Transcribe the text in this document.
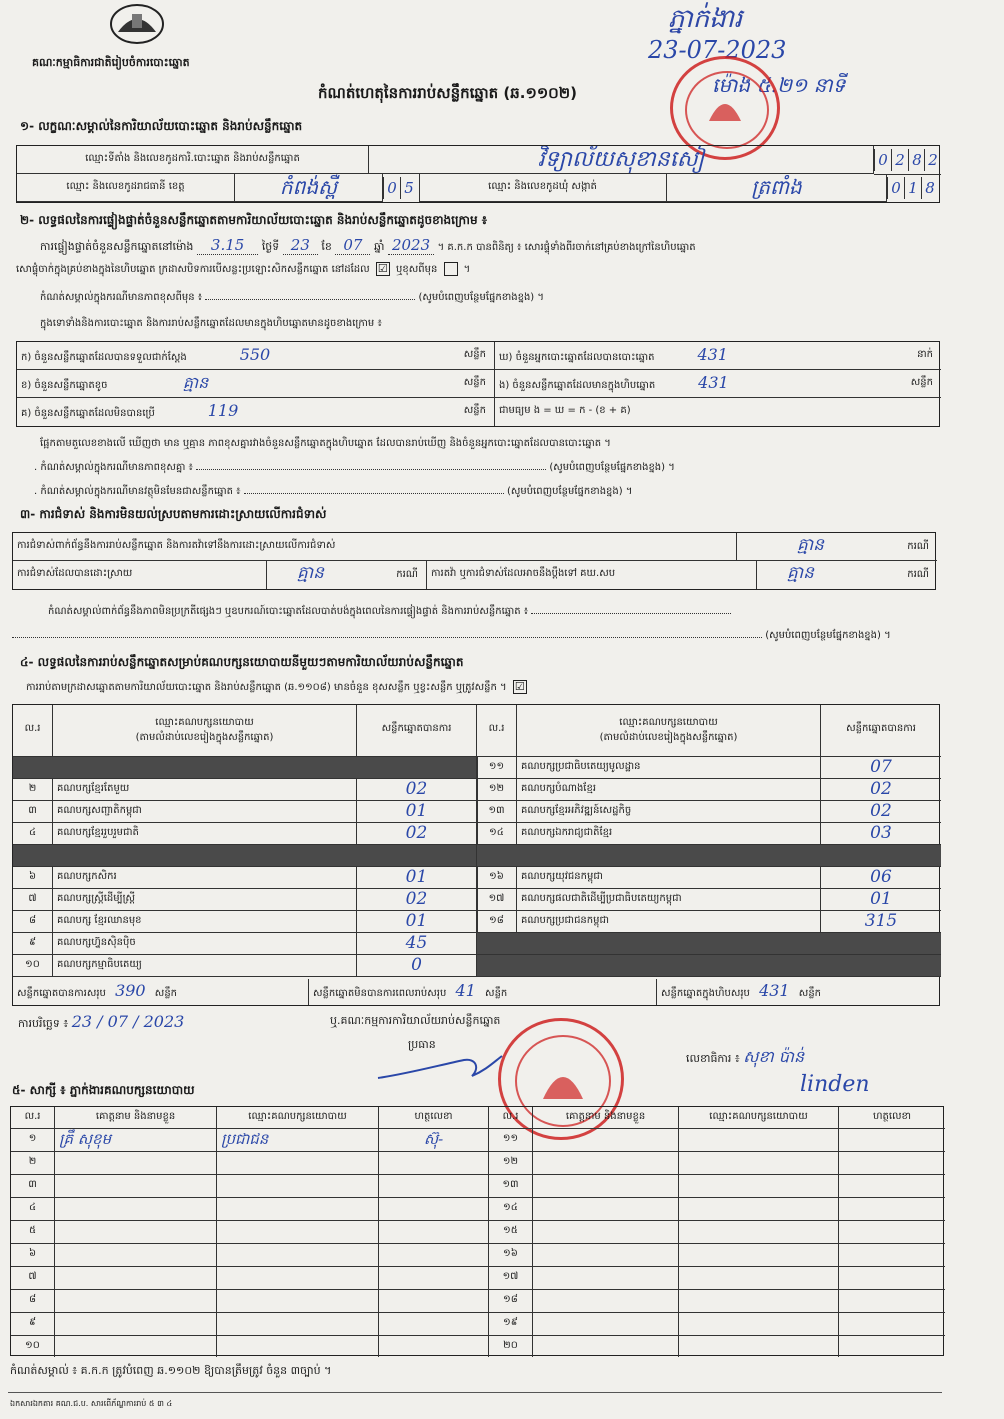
គណៈកម្មាធិការជាតិរៀបចំការបោះឆ្នោត
កំណត់ហេតុនៃការរាប់សន្លឹកឆ្នោត (ឆ.១១០២)
ភ្នាក់ងារ
23-07-2023
ម៉ោង ៥.២១ នាទី
១- លក្ខណៈសម្គាល់នៃការិយាល័យបោះឆ្នោត និងរាប់សន្លឹកឆ្នោត
ឈ្មោះទីតាំង និងលេខកូដការិ.បោះឆ្នោត និងរាប់សន្លឹកឆ្នោត	វិទ្យាល័យសុខានសៀ	0 2 8 2
ឈ្មោះ និងលេខកូដរាជធានី ខេត្ត	កំពង់ស្ពឺ	0 5	ឈ្មោះ និងលេខកូដឃុំ សង្កាត់	ត្រពាំង	0 1 8
២- លទ្ធផលនៃការផ្ទៀងផ្ទាត់ចំនួនសន្លឹកឆ្នោតតាមការិយាល័យបោះឆ្នោត និងរាប់សន្លឹកឆ្នោតដូចខាងក្រោម ៖
ការផ្ទៀងផ្ទាត់ចំនួនសន្លឹកឆ្នោតនៅម៉ោង 3.15 ថ្ងៃទី 23 ខែ 07 ឆ្នាំ 2023 ។ គ.ក.ក បានពិនិត្យ ៖ សោរផ្ទុំទាំងពីរចាក់នៅគ្រប់ខាងក្រៅនៃហិបឆ្នោត
សោផ្ទុំចាក់ក្នុងគ្រប់ខាងក្នុងនៃហិបឆ្នោត ក្រដាសបិទការបើសន្លះប្រឡោះសិកសន្លឹកឆ្នោត នៅដដែល ☑ ឬខុសពីមុន  ។
កំណត់សម្គាល់ក្នុងករណីមានភាពខុសពីមុន ៖	(សូមបំពេញបន្ថែមផ្នែកខាងខ្នង) ។
ក្នុងទោទាំងនិងការបោះឆ្នោត និងការរាប់សន្លឹកឆ្នោតដែលមានក្នុងហិបឆ្នោតមានដូចខាងក្រោម ៖
ក) ចំនួនសន្លឹកឆ្នោតដែលបានទទួលជាក់ស្តែង	550	សន្លឹក	ឃ) ចំនួនអ្នកបោះឆ្នោតដែលបានបោះឆ្នោត	431	នាក់
ខ) ចំនួនសន្លឹកឆ្នោតខូច	គ្មាន	សន្លឹក	ង) ចំនួនសន្លឹកឆ្នោតដែលមានក្នុងហិបឆ្នោត	431	សន្លឹក
គ) ចំនួនសន្លឹកឆ្នោតដែលមិនបានប្រើ	119	សន្លឹក	ជាមធ្យម ង = ឃ = ក - (ខ + គ)
ផ្អែកតាមតួលេខខាងលើ ឃើញថា មាន ឬគ្មាន ភាពខុសគ្នារវាងចំនួនសន្លឹកឆ្នោតក្នុងហិបឆ្នោត ដែលបានរាប់ឃើញ និងចំនួនអ្នកបោះឆ្នោតដែលបានបោះឆ្នោត ។
. កំណត់សម្គាល់ក្នុងករណីមានភាពខុសគ្នា ៖	(សូមបំពេញបន្ថែមផ្នែកខាងខ្នង) ។
. កំណត់សម្គាល់ក្នុងករណីមានវត្ថុមិនមែនជាសន្លឹកឆ្នោត ៖	(សូមបំពេញបន្ថែមផ្នែកខាងខ្នង) ។
៣- ការជំទាស់ និងការមិនយល់ស្របតាមការដោះស្រាយលើការជំទាស់
ការជំទាស់ពាក់ព័ន្ធនឹងការរាប់សន្លឹកឆ្នោត និងការតវ៉ាទៅនឹងការដោះស្រាយលើការជំទាស់	គ្មាន	ករណី
ការជំទាស់ដែលបានដោះស្រាយ	គ្មាន	ករណី	ការតវ៉ា ឬការជំទាស់ដែលអាចនឹងប្តឹងទៅ គឃ.សប	គ្មាន	ករណី
កំណត់សម្គាល់ពាក់ព័ន្ធនឹងភាពមិនប្រក្រតីផ្សេងៗ ឬឧបករណ៍បោះឆ្នោតដែលបាត់បង់ក្នុងពេលនៃការផ្ទៀងផ្ទាត់ និងការរាប់សន្លឹកឆ្នោត ៖
(សូមបំពេញបន្ថែមផ្នែកខាងខ្នង) ។
៤- លទ្ធផលនៃការរាប់សន្លឹកឆ្នោតសម្រាប់គណបក្សនយោបាយនីមួយៗតាមការិយាល័យរាប់សន្លឹកឆ្នោត
ការរាប់តាមក្រដាសឆ្នោតតាមការិយាល័យបោះឆ្នោត និងរាប់សន្លឹកឆ្នោត (ឆ.១១០៨) មានចំនួន ខុសសន្លឹក ឬខ្វះសន្លឹក ឬត្រូវសន្លឹក ។ ☑
ល.រ
ឈ្មោះគណបក្សនយោបាយ
(តាមលំដាប់លេខរៀងក្នុងសន្លឹកឆ្នោត)
សន្លឹកឆ្នោតបានការ	ល.រ
ឈ្មោះគណបក្សនយោបាយ
(តាមលំដាប់លេខរៀងក្នុងសន្លឹកឆ្នោត)
សន្លឹកឆ្នោតបានការ
២	គណបក្សខ្មែរតែមួយ	02
៣	គណបក្សសញ្ជាតិកម្ពុជា	01
៤	គណបក្សខ្មែររួបរួមជាតិ	02
៦	គណបក្សកសិករ	01
៧	គណបក្សស្ត្រីដើម្បីស្ត្រី	02
៨	គណបក្ស ខ្មែរឈានមុខ	01
៩	គណបក្សហ្វ៊ុនស៊ិនប៉ិច	45
១០	គណបក្សកម្មាធិបតេយ្យ	0
១១	គណបក្សប្រជាធិបតេយ្យមូលដ្ឋាន	07
១២	គណបក្សបំណាងខ្មែរ	02
១៣	គណបក្សខ្មែរអភិវឌ្ឍន៍សេដ្ឋកិច្ច	02
១៤	គណបក្សឯករាជ្យជាតិខ្មែរ	03
១៦	គណបក្សយុវជនកម្ពុជា	06
១៧	គណបក្សផលជាតិដើម្បីប្រជាធិបតេយ្យកម្ពុជា	01
១៨	គណបក្សប្រជាជនកម្ពុជា	315
សន្លឹកឆ្នោតបានការសរុប 390 សន្លឹក	សន្លឹកឆ្នោតមិនបានការពេលរាប់សរុប 41 សន្លឹក	សន្លឹកឆ្នោតក្នុងហិបសរុប 431 សន្លឹក
ការបរិច្ឆេទ ៖ 23 / 07 / 2023	ឬ.គណៈកម្មការការិយាល័យរាប់សន្លឹកឆ្នោត
ប្រធាន
លេខាធិការ ៖ សុខា ប៉ាន់
linden
៥- សាក្សី ៖ ភ្នាក់ងារគណបក្សនយោបាយ
ល.រ	គោត្តនាម និងនាមខ្លួន	ឈ្មោះគណបក្សនយោបាយ	ហត្ថលេខា	ល.រ	គោត្តនាម និងនាមខ្លួន	ឈ្មោះគណបក្សនយោបាយ	ហត្ថលេខា
១	គ្រឹ សុខុម	ប្រជាជន	ស៊ុ-	១១
២	១២
៣	១៣
៤	១៤
៥	១៥
៦	១៦
៧	១៧
៨	១៨
៩	១៩
១០	២០
កំណត់សម្គាល់ ៖ គ.ក.ក ត្រូវបំពេញ ឆ.១១០២ ឱ្យបានត្រឹមត្រូវ ចំនួន ៣ច្បាប់ ។
ឯកសារឯកតារ គណ.ជ.ប. សារពើភ័ណ្ឌការរាប់ ៥ ៣ ៤
